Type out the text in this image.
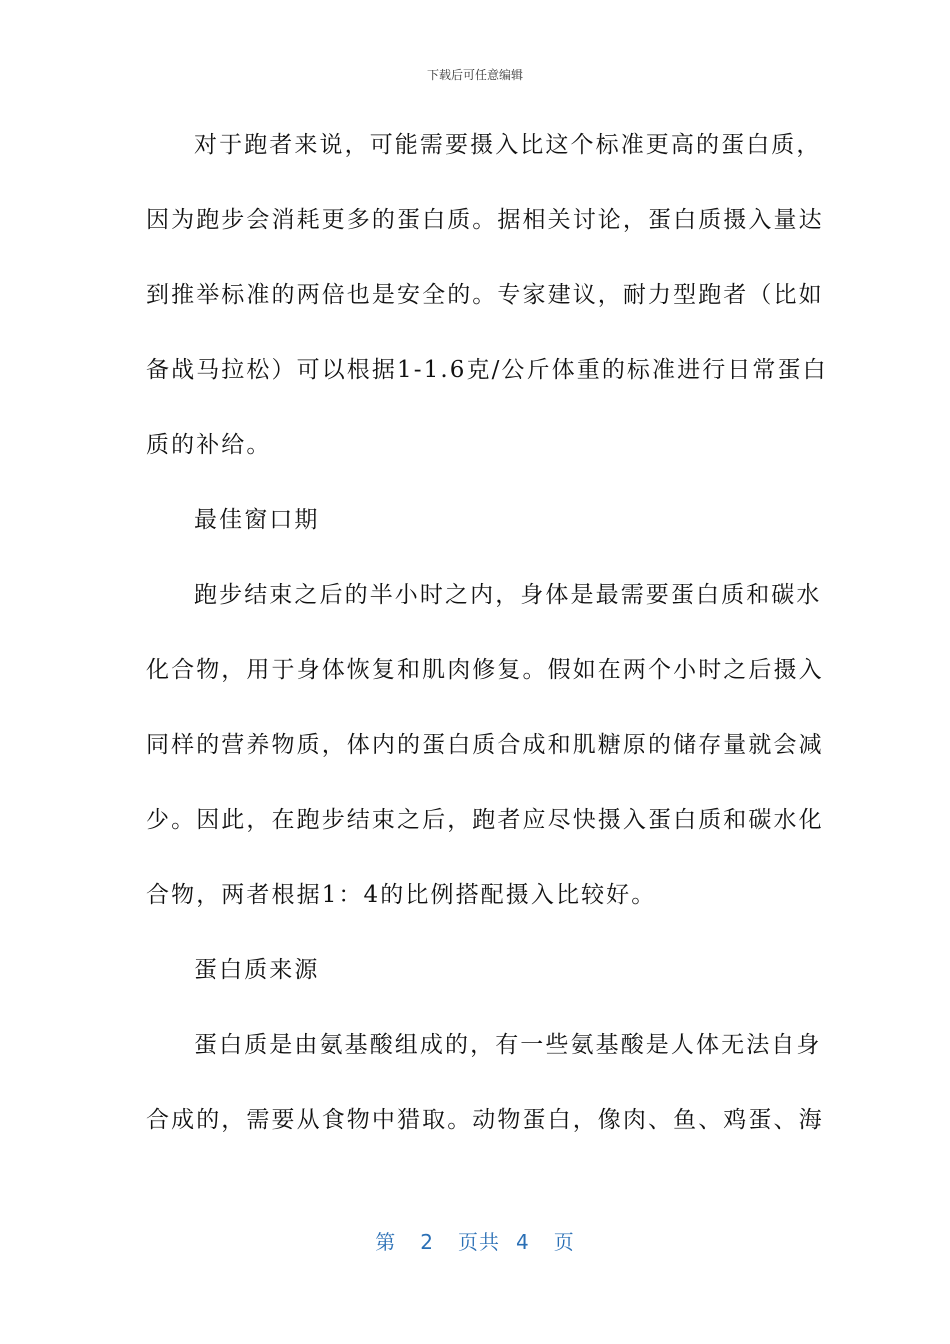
下载后可任意编辑
对于跑者来说，可能需要摄入比这个标准更高的蛋白质，
因为跑步会消耗更多的蛋白质。据相关讨论，蛋白质摄入量达
到推举标准的两倍也是安全的。专家建议，耐力型跑者（比如
备战马拉松）可以根据1-1.6克/公斤体重的标准进行日常蛋白
质的补给。
最佳窗口期
跑步结束之后的半小时之内，身体是最需要蛋白质和碳水
化合物，用于身体恢复和肌肉修复。假如在两个小时之后摄入
同样的营养物质，体内的蛋白质合成和肌糖原的储存量就会减
少。因此，在跑步结束之后，跑者应尽快摄入蛋白质和碳水化
合物，两者根据1：4的比例搭配摄入比较好。
蛋白质来源
蛋白质是由氨基酸组成的，有一些氨基酸是人体无法自身
合成的，需要从食物中猎取。动物蛋白，像肉、鱼、鸡蛋、海
第 2 页共 4 页
